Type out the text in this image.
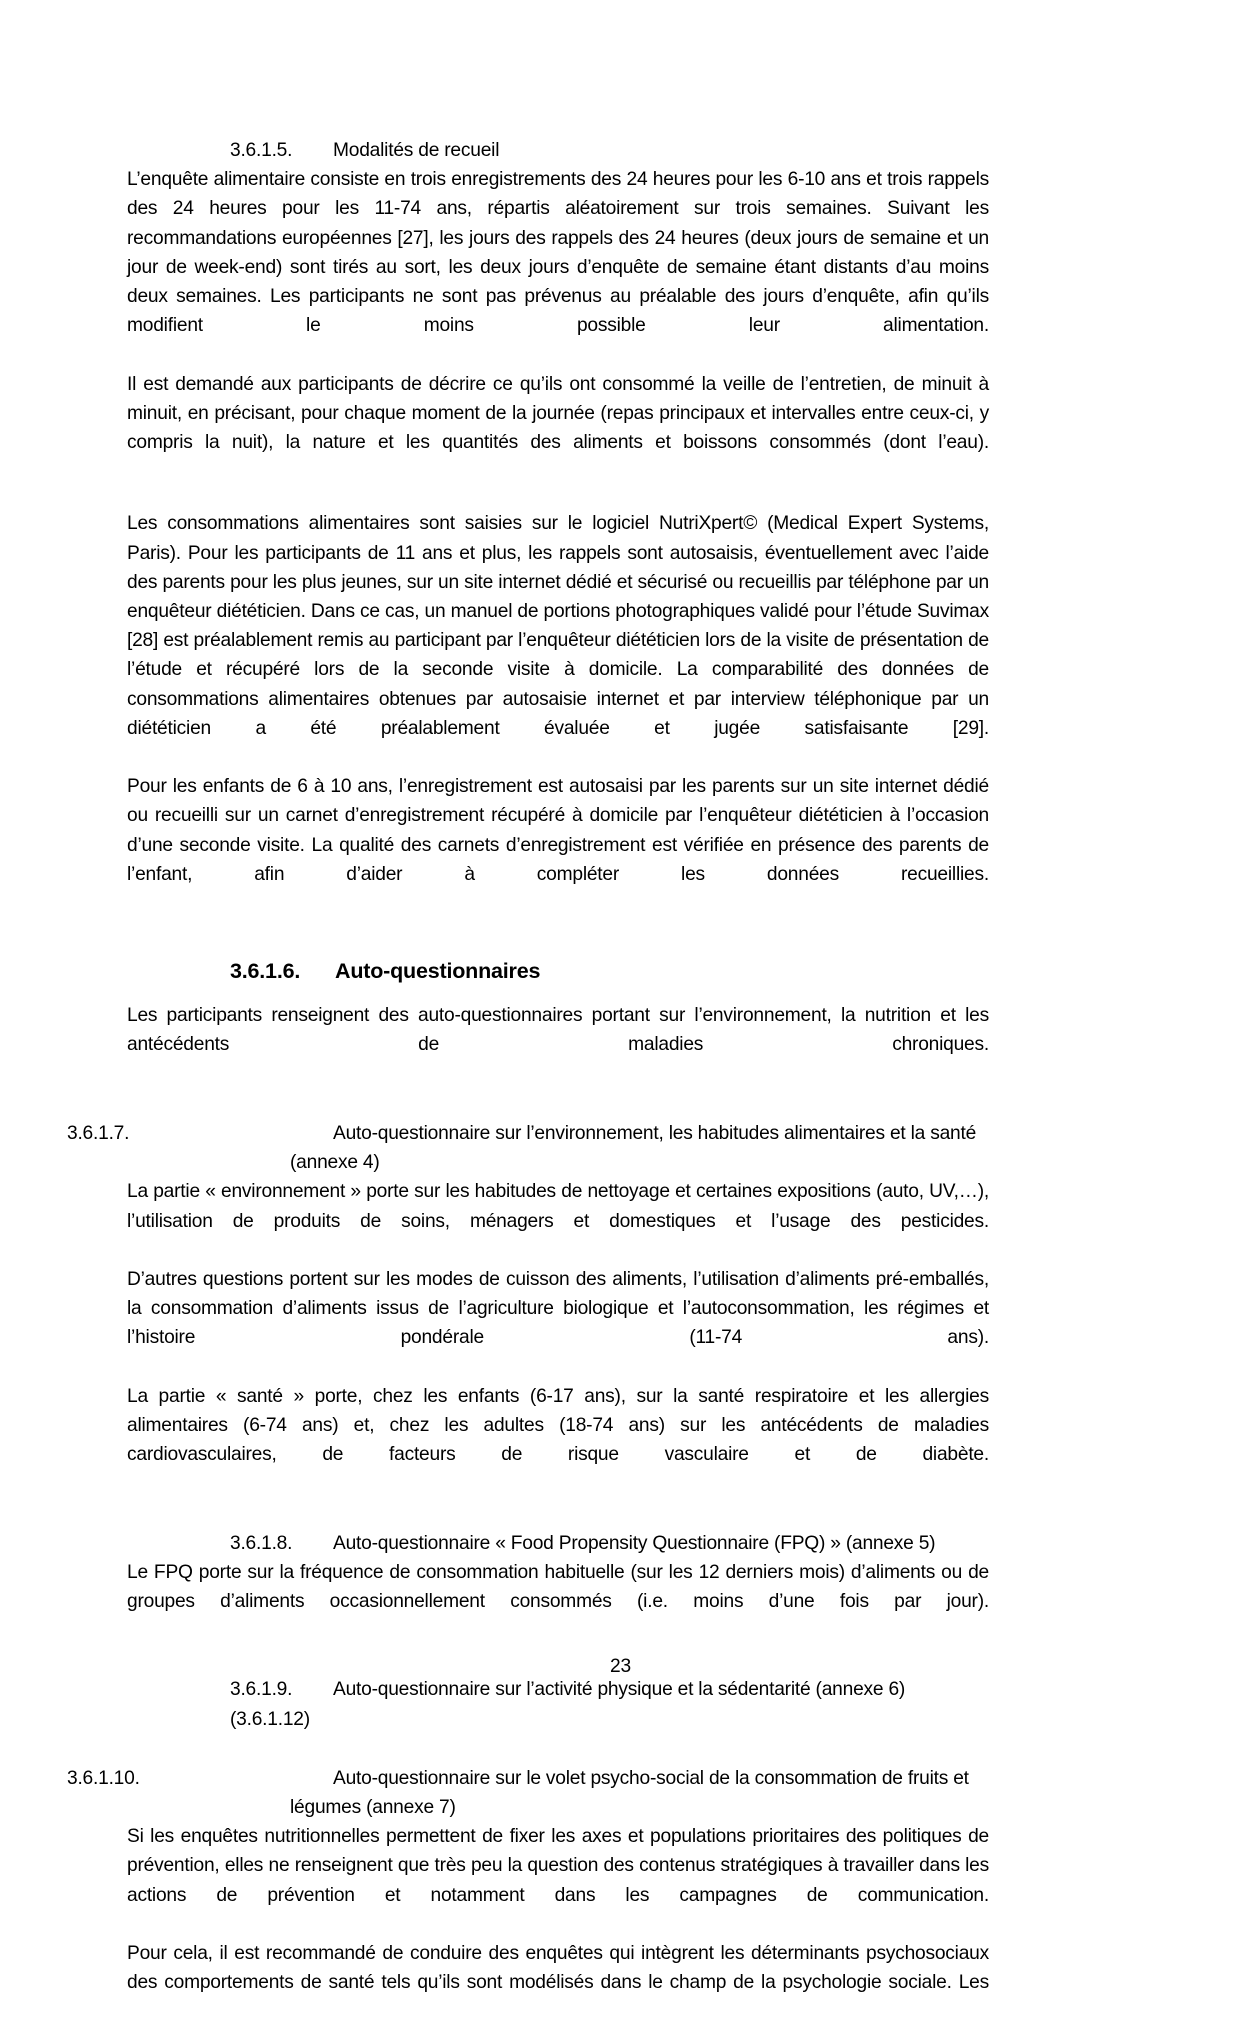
3.6.1.5. Modalités de recueil

L’enquête alimentaire consiste en trois enregistrements des 24 heures pour les 6-10 ans et trois rappels des 24 heures pour les 11-74 ans, répartis aléatoirement sur trois semaines. Suivant les recommandations européennes [27], les jours des rappels des 24 heures (deux jours de semaine et un jour de week-end) sont tirés au sort, les deux jours d’enquête de semaine étant distants d’au moins deux semaines. Les participants ne sont pas prévenus au préalable des jours d’enquête, afin qu’ils modifient le moins possible leur alimentation.

Il est demandé aux participants de décrire ce qu’ils ont consommé la veille de l’entretien, de minuit à minuit, en précisant, pour chaque moment de la journée (repas principaux et intervalles entre ceux-ci, y compris la nuit), la nature et les quantités des aliments et boissons consommés (dont l’eau).

Les consommations alimentaires sont saisies sur le logiciel NutriXpert© (Medical Expert Systems, Paris). Pour les participants de 11 ans et plus, les rappels sont autosaisis, éventuellement avec l’aide des parents pour les plus jeunes, sur un site internet dédié et sécurisé ou recueillis par téléphone par un enquêteur diététicien. Dans ce cas, un manuel de portions photographiques validé pour l’étude Suvimax [28] est préalablement remis au participant par l’enquêteur diététicien lors de la visite de présentation de l’étude et récupéré lors de la seconde visite à domicile. La comparabilité des données de consommations alimentaires obtenues par autosaisie internet et par interview téléphonique par un diététicien a été préalablement évaluée et jugée satisfaisante [29].

Pour les enfants de 6 à 10 ans, l’enregistrement est autosaisi par les parents sur un site internet dédié ou recueilli sur un carnet d’enregistrement récupéré à domicile par l’enquêteur diététicien à l’occasion d’une seconde visite. La qualité des carnets d’enregistrement est vérifiée en présence des parents de l’enfant, afin d’aider à compléter les données recueillies.

3.6.1.6. Auto-questionnaires

Les participants renseignent des auto-questionnaires portant sur l’environnement, la nutrition et les antécédents de maladies chroniques.

3.6.1.7.	Auto-questionnaire sur l’environnement, les habitudes alimentaires et la santé
(annexe 4)

La partie « environnement » porte sur les habitudes de nettoyage et certaines expositions (auto, UV,…), l’utilisation de produits de soins, ménagers et domestiques et l’usage des pesticides.

D’autres questions portent sur les modes de cuisson des aliments, l’utilisation d’aliments pré-emballés, la consommation d’aliments issus de l’agriculture biologique et l’autoconsommation, les régimes et l’histoire pondérale (11-74 ans).

La partie « santé » porte, chez les enfants (6-17 ans), sur la santé respiratoire et les allergies alimentaires (6-74 ans) et, chez les adultes (18-74 ans) sur les antécédents de maladies cardiovasculaires, de facteurs de risque vasculaire et de diabète.

3.6.1.8. Auto-questionnaire « Food Propensity Questionnaire (FPQ) » (annexe 5)

Le FPQ porte sur la fréquence de consommation habituelle (sur les 12 derniers mois) d’aliments ou de groupes d’aliments occasionnellement consommés (i.e. moins d’une fois par jour).

3.6.1.9. Auto-questionnaire sur l’activité physique et la sédentarité (annexe 6) (3.6.1.12)
3.6.1.10.	Auto-questionnaire sur le volet psycho-social de la consommation de fruits et
légumes (annexe 7)

Si les enquêtes nutritionnelles permettent de fixer les axes et populations prioritaires des politiques de prévention, elles ne renseignent que très peu la question des contenus stratégiques à travailler dans les actions de prévention et notamment dans les campagnes de communication.

Pour cela, il est recommandé de conduire des enquêtes qui intègrent les déterminants psychosociaux des comportements de santé tels qu’ils sont modélisés dans le champ de la psychologie sociale. Les

23
